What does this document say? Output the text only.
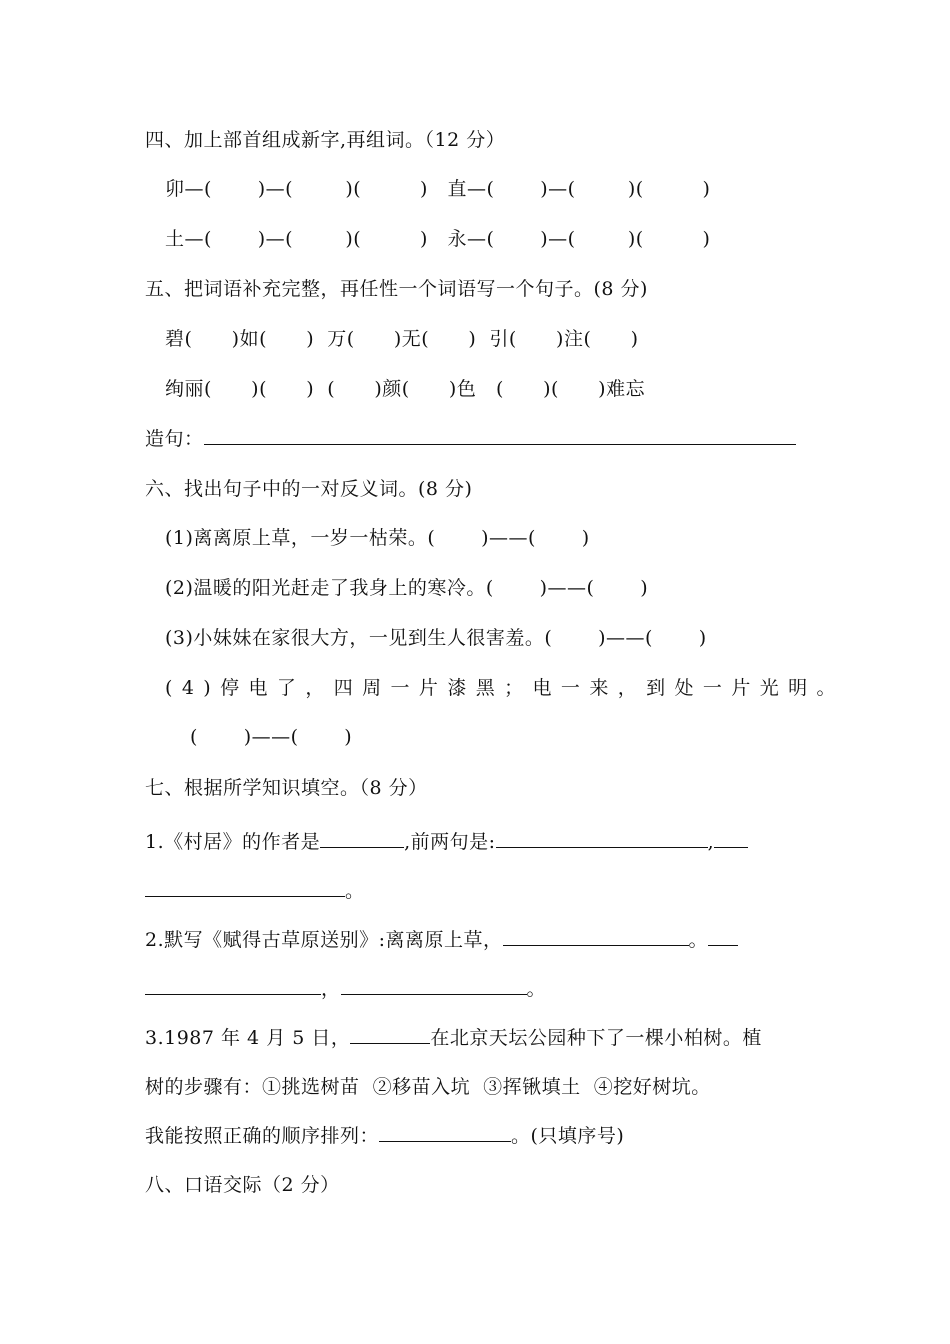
四、加上部首组成新字,再组词。（12 分）
卯—(       )—(        )(         )   直—(       )—(        )(         )
土—(       )—(        )(         )   永—(       )—(        )(         )
五、把词语补充完整，再任性一个词语写一个句子。(8 分)
碧(      )如(      )  万(      )无(      )  引(      )注(      )
绚丽(      )(      )  (      )颜(      )色   (      )(      )难忘
造句：
六、找出句子中的一对反义词。(8 分)
(1)离离原上草，一岁一枯荣。(       )——(       )
(2)温暖的阳光赶走了我身上的寒冷。(       )——(       )
(3)小妹妹在家很大方，一见到生人很害羞。(       )——(       )
(4)停电了，四周一片漆黑；电一来，到处一片光明。
(       )——(       )
七、根据所学知识填空。（8 分）
1.《村居》的作者是	,前两句是:	,
。
2.默写《赋得古草原送别》:离离原上草，	。
，	。
3.1987 年 4 月 5 日，	在北京天坛公园种下了一棵小柏树。植
树的步骤有：①挑选树苗  ②移苗入坑  ③挥锹填土  ④挖好树坑。
我能按照正确的顺序排列：	。(只填序号)
八、口语交际（2 分）
